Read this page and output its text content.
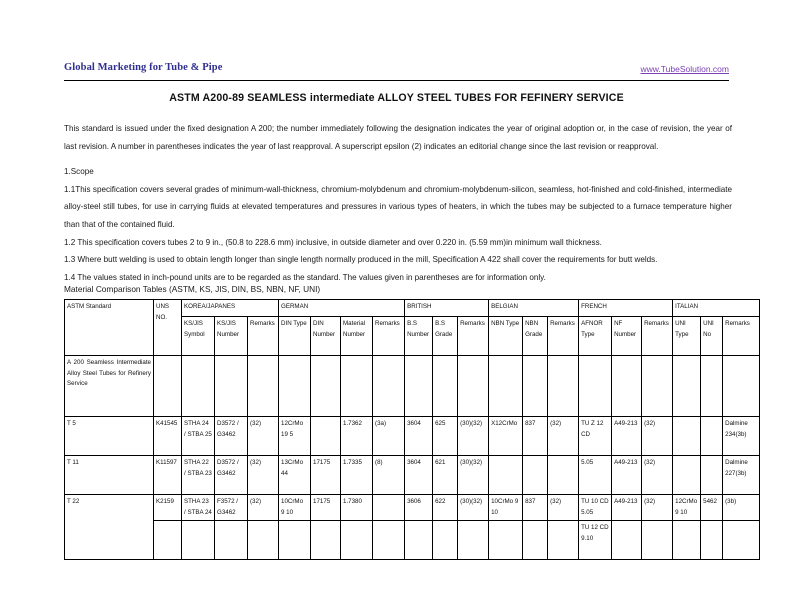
Global Marketing for Tube & Pipe	www.TubeSolution.com
ASTM A200-89 SEAMLESS intermediate ALLOY STEEL TUBES FOR FEFINERY SERVICE

This standard is issued under the fixed designation A 200; the number immediately following the designation indicates the year of original adoption or, in the case of revision, the year of last revision. A number in parentheses indicates the year of last reapproval. A superscript epsilon (2) indicates an editorial change since the last revision or reapproval.

1.Scope

1.1This specification covers several grades of minimum-wall-thickness, chromium-molybdenum and chromium-molybdenum-silicon, seamless, hot-finished and cold-finished, intermediate alloy-steel still tubes, for use in carrying fluids at elevated temperatures and pressures in various types of heaters, in which the tubes may be subjected to a furnace temperature higher than that of the contained fluid.

1.2 This specification covers tubes 2 to 9 in., (50.8 to 228.6 mm) inclusive, in outside diameter and over 0.220 in. (5.59 mm)in minimum wall thickness.

1.3 Where butt welding is used to obtain length longer than single length normally produced in the mill, Specification A 422 shall cover the requirements for butt welds.

1.4 The values stated in inch-pound units are to be regarded as the standard. The values given in parentheses are for information only.

Material Comparison Tables (ASTM, KS, JIS, DIN, BS, NBN, NF, UNI)
ASTM Standard	UNS NO.	KOREA/JAPANES			GERMAN				BRITISH			BELGIAN			FRENCH			ITALIAN		
		KS/JIS Symbol	KS/JIS Number	Remarks	DIN Type	DIN Number	Material Number	Remarks	B.S Number	B.S Grade	Remarks	NBN Type	NBN Grade	Remarks	AFNOR Type	NF Number	Remarks	UNI Type	UNI No	Remarks
A 200 Seamless Intermediate Alloy Steel Tubes for Refinery Service																				
T 5	K41545	STHA 24 / STBA 25	D3572 / G3462	(32)	12CrMo 19 5		1.7362	(3a)	3604	625	(30)(32)	X12CrMo	837	(32)	TU Z 12 CD	A49-213	(32)			Dalmine 234(3b)
T 11	K11597	STHA 22 / STBA 23	D3572 / G3462	(32)	13CrMo 44	17175	1.7335	(8)	3604	621	(30)(32)				5.05	A49-213	(32)			Dalmine 227(3b)
T 22	K2159	STHA 23 / STBA 24	F3572 / G3462	(32)	10CrMo 9 10	17175	1.7380		3606	622	(30)(32)	10CrMo 9 10	837	(32)	TU 10 CD 5.05	A49-213	(32)	12CrMo 9 10	5462	(3b)
															TU 12 CD 9.10					
